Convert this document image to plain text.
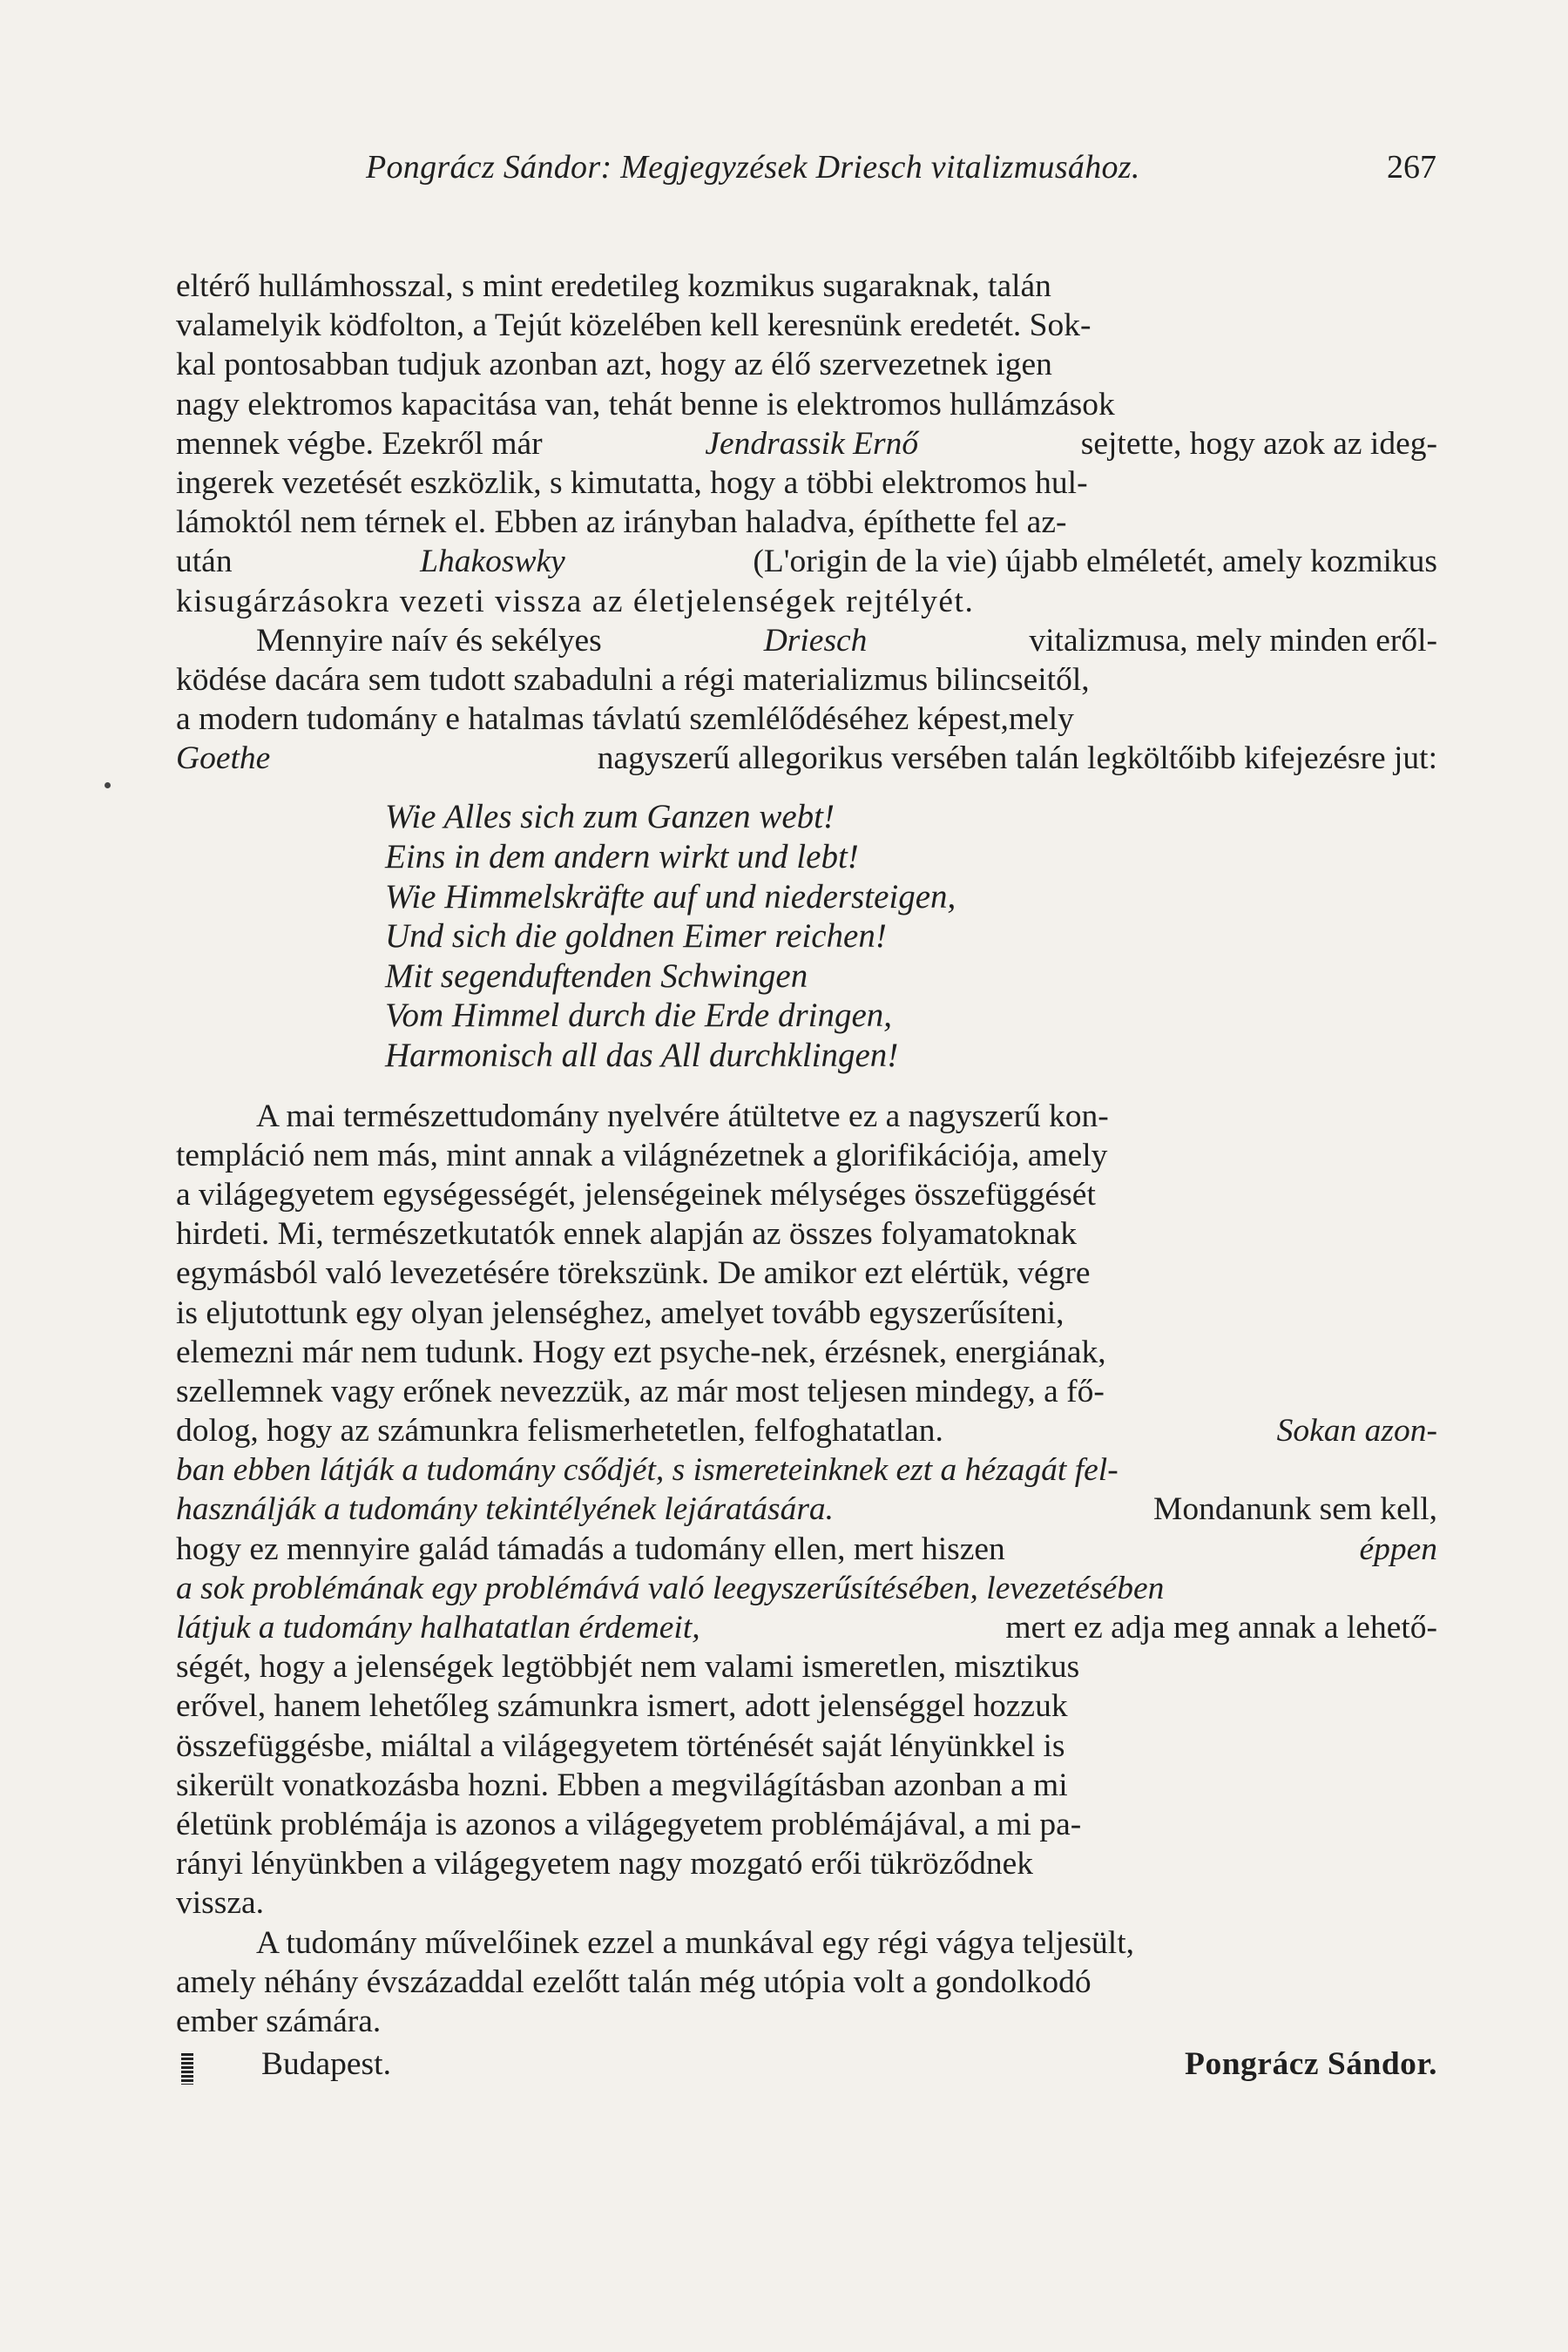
Pongrácz Sándor: Megjegyzések Driesch vitalizmusához.	267
eltérő hullámhosszal, s mint eredetileg kozmikus sugaraknak, talán
valamelyik ködfolton, a Tejút közelében kell keresnünk eredetét. Sok-
kal pontosabban tudjuk azonban azt, hogy az élő szervezetnek igen
nagy elektromos kapacitása van, tehát benne is elektromos hullámzások
mennek végbe. Ezekről már	Jendrassik Ernő	sejtette, hogy azok az ideg-
ingerek vezetését eszközlik, s kimutatta, hogy a többi elektromos hul-
lámoktól nem térnek el. Ebben az irányban haladva, építhette fel az-
után	Lhakoswky	(L'origin de la vie) újabb elméletét, amely kozmikus
kisugárzásokra vezeti vissza az életjelenségek rejtélyét.
Mennyire naív és sekélyes	Driesch	vitalizmusa, mely minden eről-
ködése dacára sem tudott szabadulni a régi materializmus bilincseitől,
a modern tudomány e hatalmas távlatú szemlélődéséhez képest,mely
Goethe	nagyszerű allegorikus versében talán legköltőibb kifejezésre jut:
Wie Alles sich zum Ganzen webt!
Eins in dem andern wirkt und lebt!
Wie Himmelskräfte auf und niedersteigen,
Und sich die goldnen Eimer reichen!
Mit segenduftenden Schwingen
Vom Himmel durch die Erde dringen,
Harmonisch all das All durchklingen!
A mai természettudomány nyelvére átültetve ez a nagyszerű kon-
templáció nem más, mint annak a világnézetnek a glorifikációja, amely
a világegyetem egységességét, jelenségeinek mélységes összefüggését
hirdeti. Mi, természetkutatók ennek alapján az összes folyamatoknak
egymásból való levezetésére törekszünk. De amikor ezt elértük, végre
is eljutottunk egy olyan jelenséghez, amelyet tovább egyszerűsíteni,
elemezni már nem tudunk. Hogy ezt psyche-nek, érzésnek, energiának,
szellemnek vagy erőnek nevezzük, az már most teljesen mindegy, a fő-
dolog, hogy az számunkra felismerhetetlen, felfoghatatlan.	Sokan azon-
ban ebben látják a tudomány csődjét, s ismereteinknek ezt a hézagát fel-
használják a tudomány tekintélyének lejáratására.	Mondanunk sem kell,
hogy ez mennyire galád támadás a tudomány ellen, mert hiszen	éppen
a sok problémának egy problémává való leegyszerűsítésében, levezetésében
látjuk a tudomány halhatatlan érdemeit,	mert ez adja meg annak a lehető-
ségét, hogy a jelenségek legtöbbjét nem valami ismeretlen, misztikus
erővel, hanem lehetőleg számunkra ismert, adott jelenséggel hozzuk
összefüggésbe, miáltal a világegyetem történését saját lényünkkel is
sikerült vonatkozásba hozni. Ebben a megvilágításban azonban a mi
életünk problémája is azonos a világegyetem problémájával, a mi pa-
rányi lényünkben a világegyetem nagy mozgató erői tükröződnek
vissza.
A tudomány művelőinek ezzel a munkával egy régi vágya teljesült,
amely néhány évszázaddal ezelőtt talán még utópia volt a gondolkodó
ember számára.
Budapest.	Pongrácz Sándor.
